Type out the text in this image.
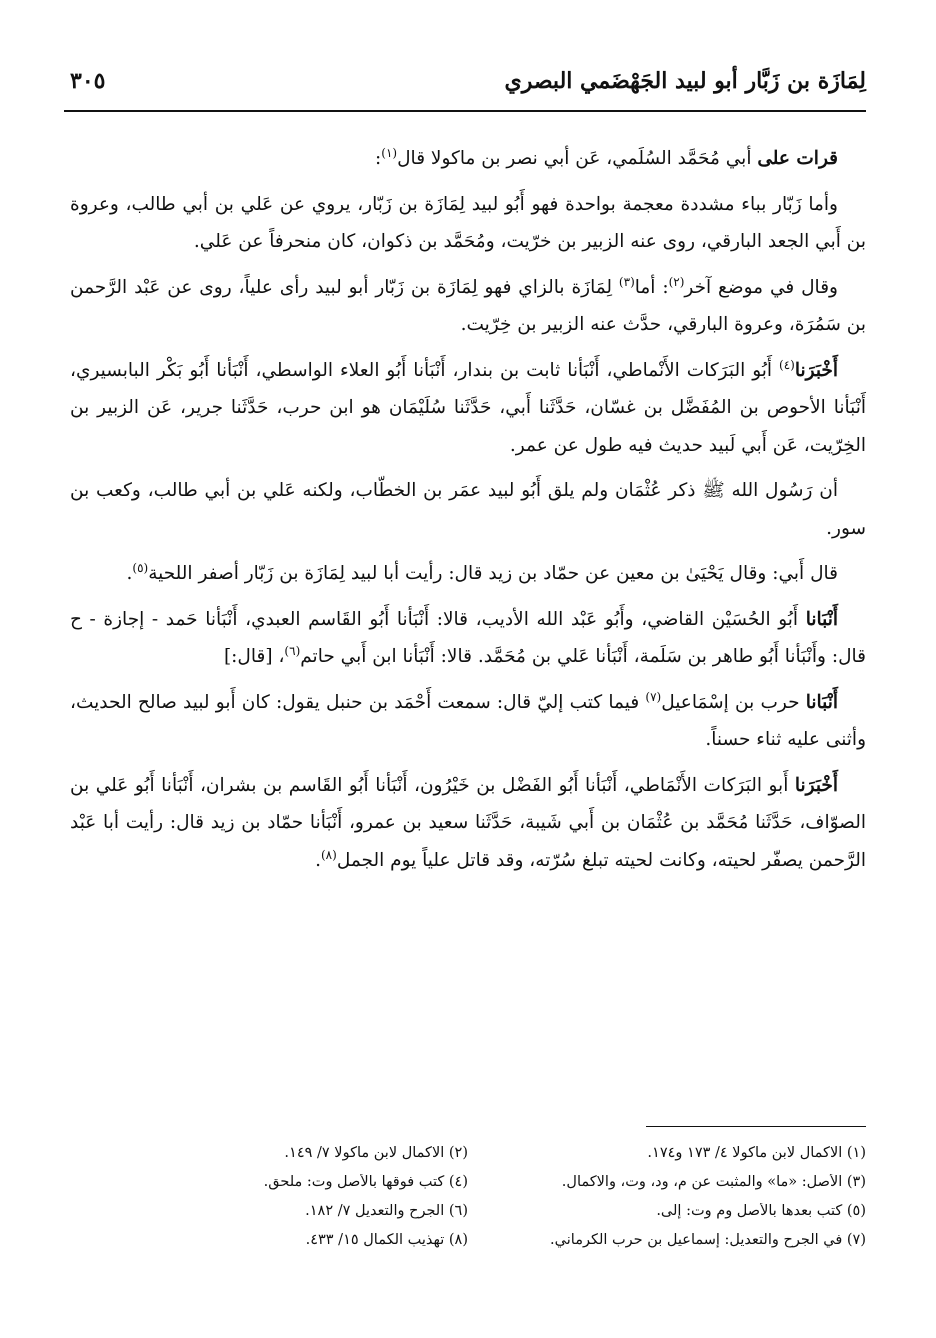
لِمَازَة بن زَبَّار أبو لبيد الجَهْضَمي البصري
٣٠٥

قرات على أبي مُحَمَّد السُلَمي، عَن أبي نصر بن ماكولا قال$^{(١)}$:

وأما زَبّار بباء مشددة معجمة بواحدة فهو أَبُو لبيد لِمَازَة بن زَبّار، يروي عن عَلي بن أبي طالب، وعروة بن أَبي الجعد البارقي، روى عنه الزبير بن خرّيت، ومُحَمَّد بن ذكوان، كان منحرفاً عن عَلي.

وقال في موضع آخر$^{(٢)}$: أما$^{(٣)}$ لِمَازَة بالزاي فهو لِمَازَة بن زَبّار أبو لبيد رأى علياً، روى عن عَبْد الرَّحمن بن سَمُرَة، وعروة البارقي، حدَّث عنه الزبير بن خِرّيت.

أَخْبَرَنا$^{(٤)}$ أَبُو البَرَكات الأَنْماطي، أَنْبَأنا ثابت بن بندار، أَنْبَأنا أَبُو العلاء الواسطي، أَنْبَأنا أَبُو بَكْر البابسيري، أَنْبَأنا الأحوص بن المُفَضَّل بن غسّان، حَدَّثَنا أَبي، حَدَّثَنا سُلَيْمَان هو ابن حرب، حَدَّثَنا جرير، عَن الزبير بن الخِرّيت، عَن أَبي لَبيد حديث فيه طول عن عمر.

أن رَسُول الله ﷺ ذكر عُثْمَان ولم يلق أَبُو لبيد عمَر بن الخطّاب، ولكنه عَلي بن أبي طالب، وكعب بن سور.

قال أَبي: وقال يَحْيَىٰ بن معين عن حمّاد بن زيد قال: رأيت أبا لبيد لِمَازَة بن زَبّار أصفر اللحية$^{(٥)}$.

أَنْبَانا أَبُو الحُسَيْن القاضي، وأَبُو عَبْد الله الأديب، قالا: أَنْبَأنا أَبُو القَاسم العبدي، أَنْبَأنا حَمد - إجازة - ح قال: وأَنْبَأنا أَبُو طاهر بن سَلَمة، أَنْبَأنا عَلي بن مُحَمَّد. قالا: أَنْبَأنا ابن أَبي حاتم$^{(٦)}$، [قال:]

أَنْبَانا حرب بن إسْمَاعيل$^{(٧)}$ فيما كتب إليّ قال: سمعت أَحْمَد بن حنبل يقول: كان أَبو لبيد صالح الحديث، وأثنى عليه ثناء حسناً.

أَخْبَرَنا أَبو البَرَكات الأَنْمَاطي، أَنْبَأنا أَبُو الفَضْل بن خَيْرُون، أَنْبَأنا أَبُو القَاسم بن بشران، أَنْبَأنا أَبُو عَلي بن الصوّاف، حَدَّثَنا مُحَمَّد بن عُثْمَان بن أَبي شَيبة، حَدَّثَنا سعيد بن عمرو، أَنْبَأنا حمّاد بن زيد قال: رأيت أبا عَبْد الرَّحمن يصفّر لحيته، وكانت لحيته تبلغ سُرّته، وقد قاتل علياً يوم الجمل$^{(٨)}$.

(١) الاكمال لابن ماكولا ٤/ ١٧٣ و١٧٤.
(٢) الاكمال لابن ماكولا ٧/ ١٤٩.
(٣) الأصل: «ما» والمثبت عن م، ود، وت، والاكمال.
(٤) كتب فوقها بالأصل وت: ملحق.
(٥) كتب بعدها بالأصل وم وت: إلى.
(٦) الجرح والتعديل ٧/ ١٨٢.
(٧) في الجرح والتعديل: إسماعيل بن حرب الكرماني.
(٨) تهذيب الكمال ١٥/ ٤٣٣.
